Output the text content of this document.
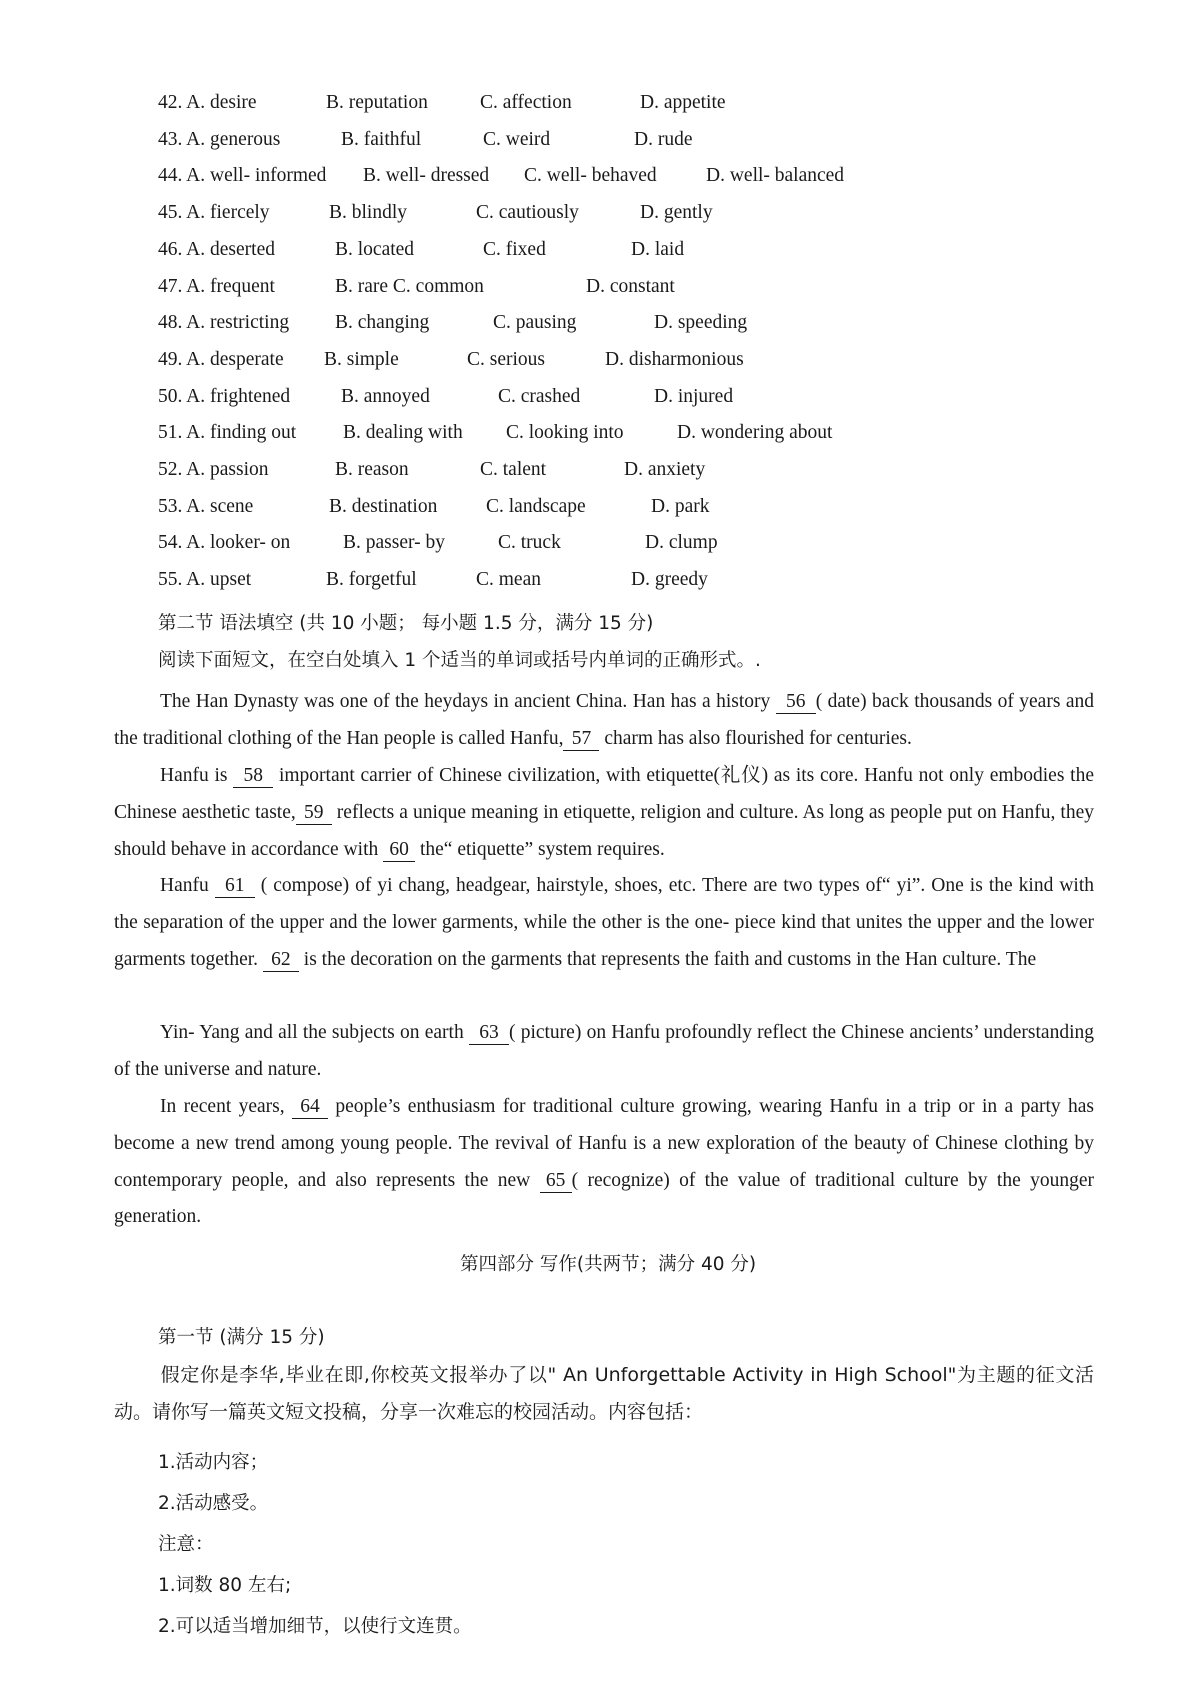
42. A. desire	B. reputation	C. affection	D. appetite
43. A. generous	B. faithful	C. weird	D. rude
44. A. well- informed B. well- dressed C. well- behaved	D. well- balanced
45. A. fiercely	B. blindly	C. cautiously	D. gently
46. A. deserted	B. located	C. fixed	D. laid
47. A. frequent	B. rare C. common	D. constant
48. A. restricting B. changing	C. pausing	D. speeding
49. A. desperate B. simple	C. serious	D. disharmonious
50. A. frightened	B. annoyed	C. crashed	D. injured
51. A. finding out B. dealing with C. looking into	D. wondering about
52. A. passion	B. reason	C. talent	D. anxiety
53. A. scene	B. destination C. landscape	D. park
54. A. looker- on	B. passer- by	C. truck	D. clump
55. A. upset	B. forgetful	C. mean	D. greedy
第二节 语法填空 (共 10 小题； 每小题 1.5 分，满分 15 分)
阅读下面短文，在空白处填入 1 个适当的单词或括号内单词的正确形式。.
The Han Dynasty was one of the heydays in ancient China. Han has a history 56 ( date) back thousands of years and the traditional clothing of the Han people is called Hanfu, 57 charm has also flourished for centuries.
Hanfu is 58 important carrier of Chinese civilization, with etiquette(礼仪) as its core. Hanfu not only embodies the Chinese aesthetic taste, 59 reflects a unique meaning in etiquette, religion and culture. As long as people put on Hanfu, they should behave in accordance with 60 the“ etiquette” system requires.
Hanfu 61 ( compose) of yi chang, headgear, hairstyle, shoes, etc. There are two types of“ yi”. One is the kind with the separation of the upper and the lower garments, while the other is the one- piece kind that unites the upper and the lower garments together. 62 is the decoration on the garments that represents the faith and customs in the Han culture. The
Yin- Yang and all the subjects on earth 63 ( picture) on Hanfu profoundly reflect the Chinese ancients’ understanding of the universe and nature.
In recent years, 64 people’s enthusiasm for traditional culture growing, wearing Hanfu in a trip or in a party has become a new trend among young people. The revival of Hanfu is a new exploration of the beauty of Chinese clothing by contemporary people, and also represents the new 65 ( recognize) of the value of traditional culture by the younger generation.
第四部分 写作(共两节；满分 40 分)
第一节 (满分 15 分)
假定你是李华,毕业在即,你校英文报举办了以" An Unforgettable Activity in High School"为主题的征文活动。请你写一篇英文短文投稿，分享一次难忘的校园活动。内容包括：
1.活动内容；
2.活动感受。
注意：
1.词数 80 左右;
2.可以适当增加细节，以使行文连贯。
